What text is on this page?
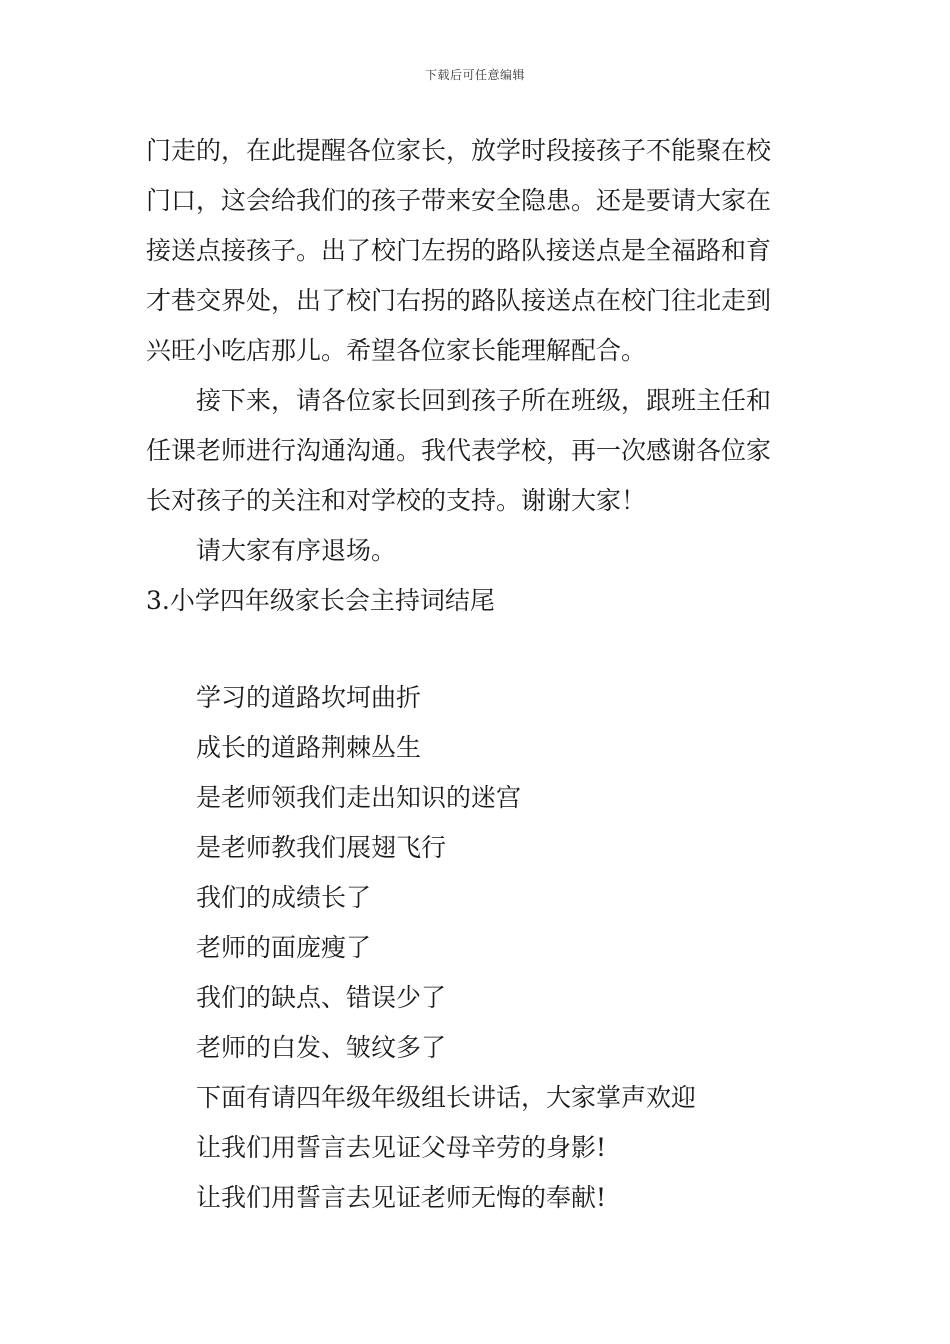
下载后可任意编辑
门走的，在此提醒各位家长，放学时段接孩子不能聚在校
门口，这会给我们的孩子带来安全隐患。还是要请大家在
接送点接孩子。出了校门左拐的路队接送点是全福路和育
才巷交界处，出了校门右拐的路队接送点在校门往北走到
兴旺小吃店那儿。希望各位家长能理解配合。
接下来，请各位家长回到孩子所在班级，跟班主任和
任课老师进行沟通沟通。我代表学校，再一次感谢各位家
长对孩子的关注和对学校的支持。谢谢大家！
请大家有序退场。
3.小学四年级家长会主持词结尾
学习的道路坎坷曲折
成长的道路荆棘丛生
是老师领我们走出知识的迷宫
是老师教我们展翅飞行
我们的成绩长了
老师的面庞瘦了
我们的缺点、错误少了
老师的白发、皱纹多了
下面有请四年级年级组长讲话，大家掌声欢迎
让我们用誓言去见证父母辛劳的身影!
让我们用誓言去见证老师无悔的奉献!
